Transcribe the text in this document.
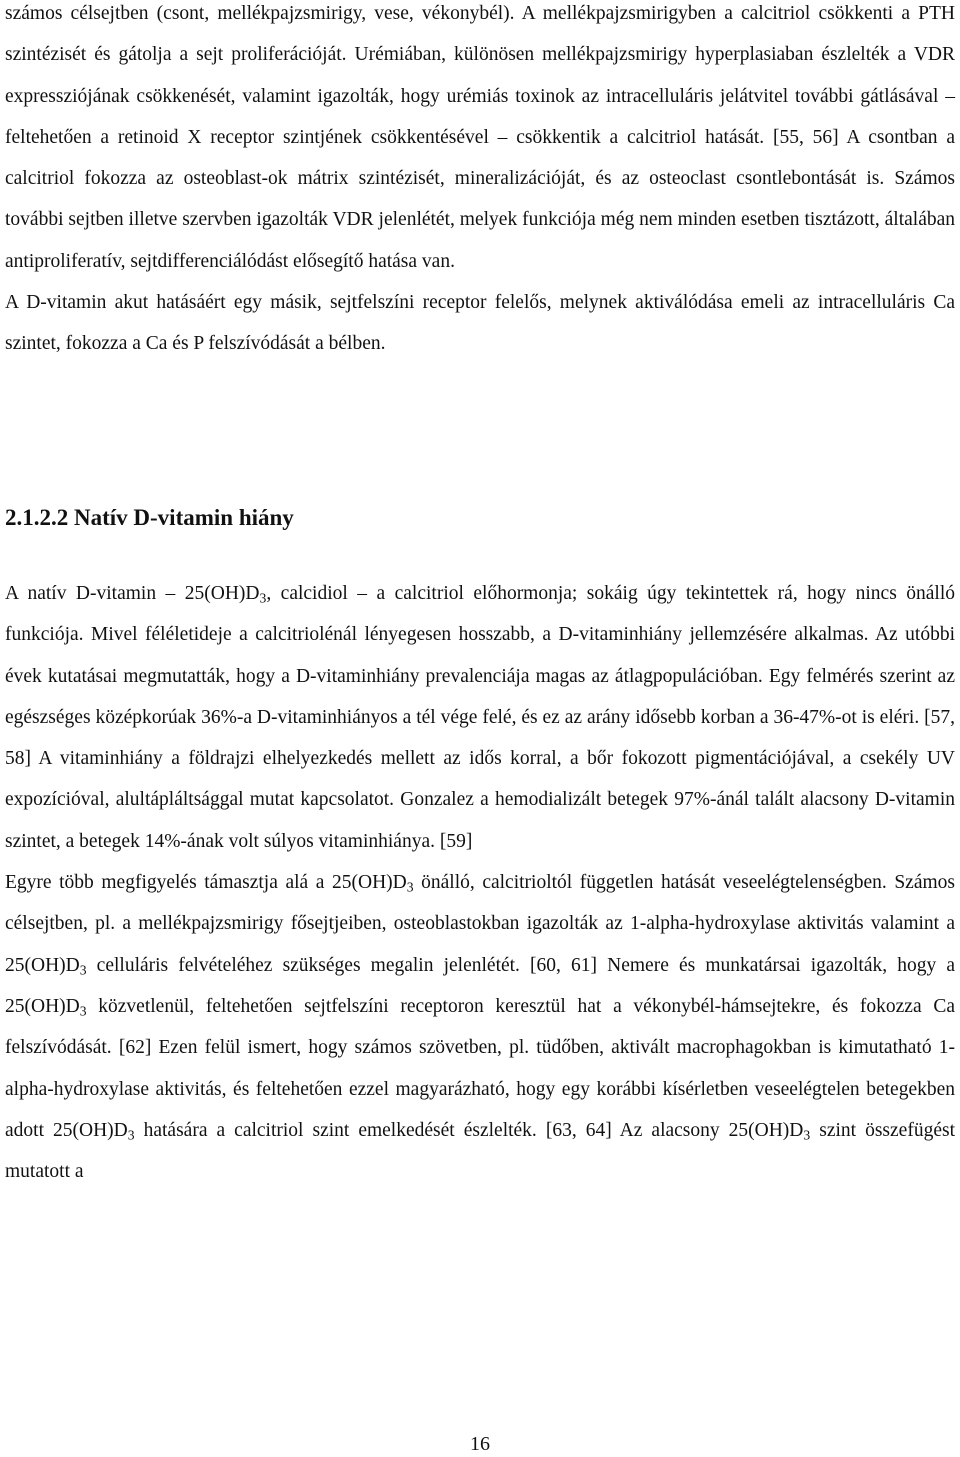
számos célsejtben (csont, mellékpajzsmirigy, vese, vékonybél). A mellékpajzsmirigyben a calcitriol csökkenti a PTH szintézisét és gátolja a sejt proliferációját. Urémiában, különösen mellékpajzsmirigy hyperplasiaban észlelték a VDR expressziójának csökkenését, valamint igazolták, hogy urémiás toxinok az intracelluláris jelátvitel további gátlásával – feltehetően a retinoid X receptor szintjének csökkentésével – csökkentik a calcitriol hatását. [55, 56] A csontban a calcitriol fokozza az osteoblast-ok mátrix szintézisét, mineralizációját, és az osteoclast csontlebontását is. Számos további sejtben illetve szervben igazolták VDR jelenlétét, melyek funkciója még nem minden esetben tisztázott, általában antiproliferatív, sejtdifferenciálódást elősegítő hatása van.

A D-vitamin akut hatásáért egy másik, sejtfelszíni receptor felelős, melynek aktiválódása emeli az intracelluláris Ca szintet, fokozza a Ca és P felszívódását a bélben.

2.1.2.2 Natív D-vitamin hiány

A natív D-vitamin – $25(OH)D_3$, calcidiol – a calcitriol előhormonja; sokáig úgy tekintettek rá, hogy nincs önálló funkciója. Mivel féléletideje a calcitriolénál lényegesen hosszabb, a D-vitaminhiány jellemzésére alkalmas. Az utóbbi évek kutatásai megmutatták, hogy a D-vitaminhiány prevalenciája magas az átlagpopulációban. Egy felmérés szerint az egészséges középkorúak 36%-a D-vitaminhiányos a tél vége felé, és ez az arány idősebb korban a 36-47%-ot is eléri. [57, 58] A vitaminhiány a földrajzi elhelyezkedés mellett az idős korral, a bőr fokozott pigmentációjával, a csekély UV expozícióval, alultápláltsággal mutat kapcsolatot. Gonzalez a hemodializált betegek 97%-ánál talált alacsony D-vitamin szintet, a betegek 14%-ának volt súlyos vitaminhiánya. [59]

Egyre több megfigyelés támasztja alá a $25(OH)D_3$ önálló, calcitrioltól független hatását veseelégtelenségben. Számos célsejtben, pl. a mellékpajzsmirigy fősejtjeiben, osteoblastokban igazolták az 1-alpha-hydroxylase aktivitás valamint a $25(OH)D_3$ celluláris felvételéhez szükséges megalin jelenlétét. [60, 61] Nemere és munkatársai igazolták, hogy a $25(OH)D_3$ közvetlenül, feltehetően sejtfelszíni receptoron keresztül hat a vékonybél-hámsejtekre, és fokozza Ca felszívódását. [62] Ezen felül ismert, hogy számos szövetben, pl. tüdőben, aktivált macrophagokban is kimutatható 1-alpha-hydroxylase aktivitás, és feltehetően ezzel magyarázható, hogy egy korábbi kísérletben veseelégtelen betegekben adott $25(OH)D_3$ hatására a calcitriol szint emelkedését észlelték. [63, 64] Az alacsony $25(OH)D_3$ szint összefügést mutatott a

16
